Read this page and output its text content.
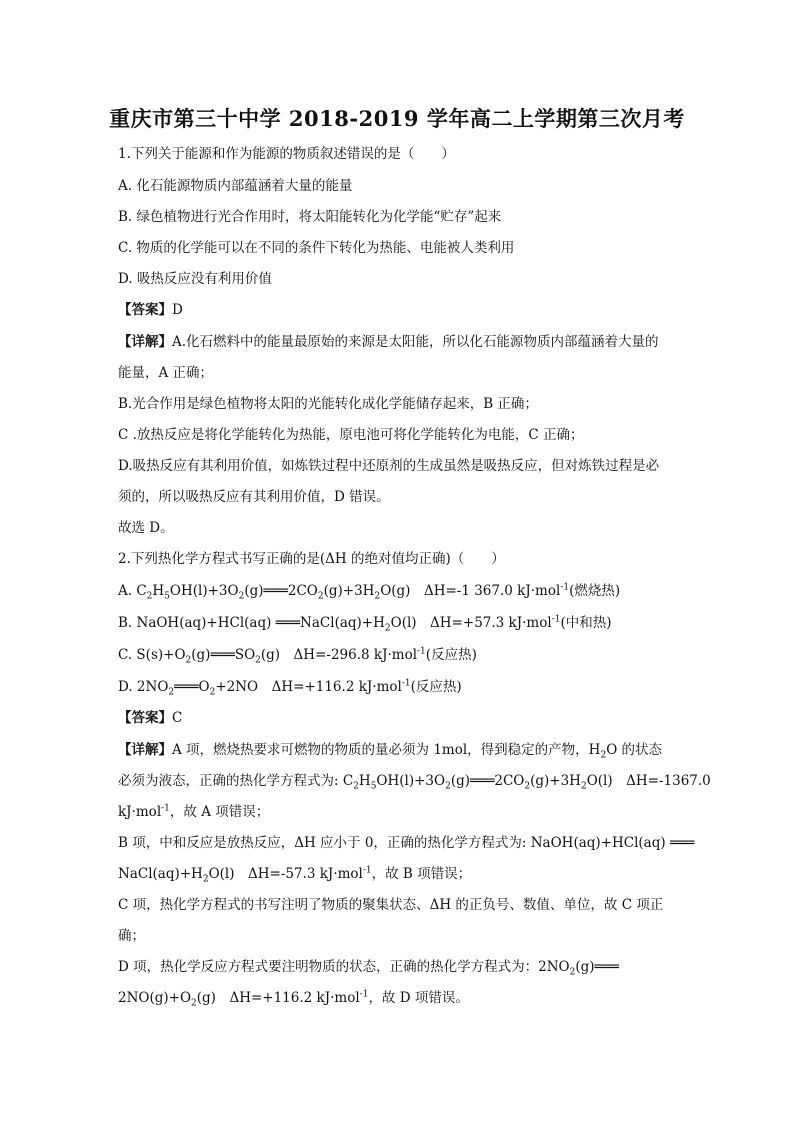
重庆市第三十中学 2018-2019 学年高二上学期第三次月考
1.下列关于能源和作为能源的物质叙述错误的是（　　）
A. 化石能源物质内部蕴涵着大量的能量
B. 绿色植物进行光合作用时，将太阳能转化为化学能“贮存”起来
C. 物质的化学能可以在不同的条件下转化为热能、电能被人类利用
D. 吸热反应没有利用价值
【答案】D
【详解】A.化石燃料中的能量最原始的来源是太阳能，所以化石能源物质内部蕴涵着大量的
能量，A 正确；
B.光合作用是绿色植物将太阳的光能转化成化学能储存起来，B 正确；
C .放热反应是将化学能转化为热能，原电池可将化学能转化为电能，C 正确；
D.吸热反应有其利用价值，如炼铁过程中还原剂的生成虽然是吸热反应，但对炼铁过程是必
须的，所以吸热反应有其利用价值，D 错误。
故选 D。
2.下列热化学方程式书写正确的是(ΔH 的绝对值均正确)（　　）
A. $C_2H_5OH(l)+3O_2(g)═══2CO_2(g)+3H_2O(g)$　ΔH=-1 367.0 kJ·mol$^{-1}$(燃烧热)
B. NaOH(aq)+HCl(aq) $═══NaCl(aq)+H_2O(l)$　ΔH=+57.3 kJ·mol$^{-1}$(中和热)
C. $S(s)+O_2(g)═══SO_2(g)$　ΔH=-296.8 kJ·mol$^{-1}$(反应热)
D. $2NO_2═══O_2+2NO$　ΔH=+116.2 kJ·mol$^{-1}$(反应热)
【答案】C
【详解】A 项，燃烧热要求可燃物的物质的量必须为 1mol，得到稳定的产物，$H_2O$ 的状态
必须为液态，正确的热化学方程式为: $C_2H_5OH(l)+3O_2(g)═══2CO_2(g)+3H_2O(l)$　ΔH=-1367.0
kJ·mol$^{-1}$，故 A 项错误；
B 项，中和反应是放热反应，ΔH 应小于 0，正确的热化学方程式为: NaOH(aq)+HCl(aq) ═══
$NaCl(aq)+H_2O(l)$　ΔH=-57.3 kJ·mol$^{-1}$，故 B 项错误；
C 项，热化学方程式的书写注明了物质的聚集状态、ΔH 的正负号、数值、单位，故 C 项正
确；
D 项，热化学反应方程式要注明物质的状态，正确的热化学方程式为：$2NO_2(g)═══$
$2NO(g)+O_2(g)$　ΔH=+116.2 kJ·mol$^{-1}$，故 D 项错误。
